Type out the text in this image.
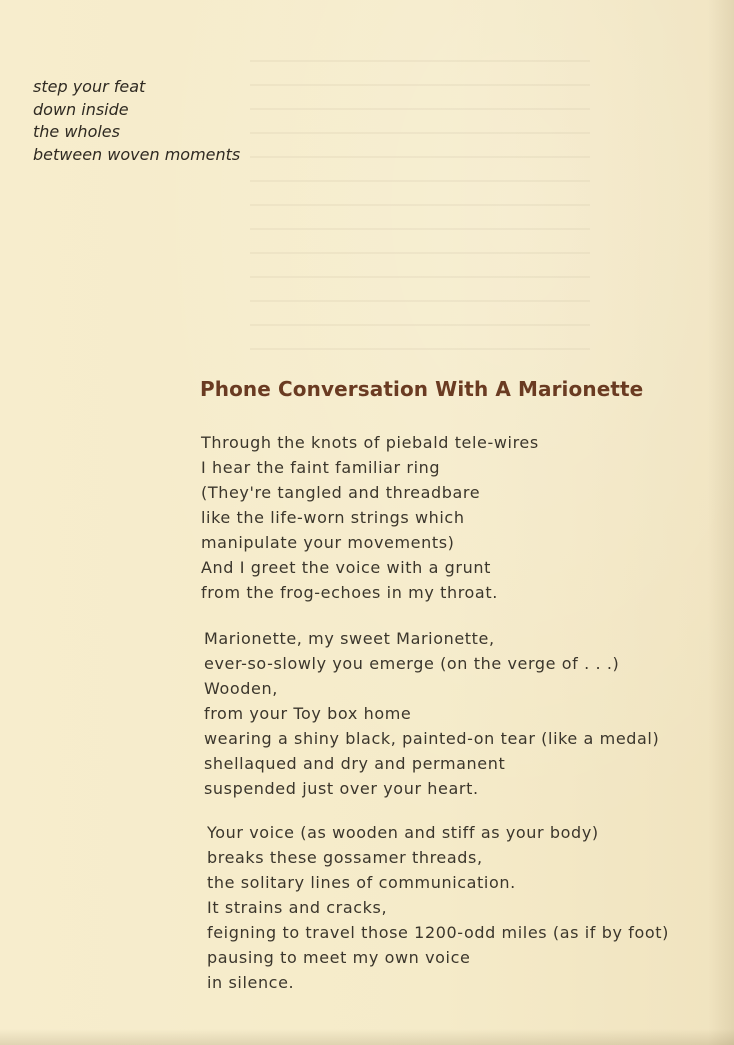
step your feat
down inside
the wholes
between woven moments
Phone Conversation With A Marionette
Through the knots of piebald tele-wires
I hear the faint familiar ring
(They're tangled and threadbare
like the life-worn strings which
manipulate your movements)
And I greet the voice with a grunt
from the frog-echoes in my throat.
Marionette, my sweet Marionette,
ever-so-slowly you emerge (on the verge of . . .)
Wooden,
from your Toy box home
wearing a shiny black, painted-on tear (like a medal)
shellaqued and dry and permanent
suspended just over your heart.
Your voice (as wooden and stiff as your body)
breaks these gossamer threads,
the solitary lines of communication.
It strains and cracks,
feigning to travel those 1200-odd miles (as if by foot)
pausing to meet my own voice
in silence.
